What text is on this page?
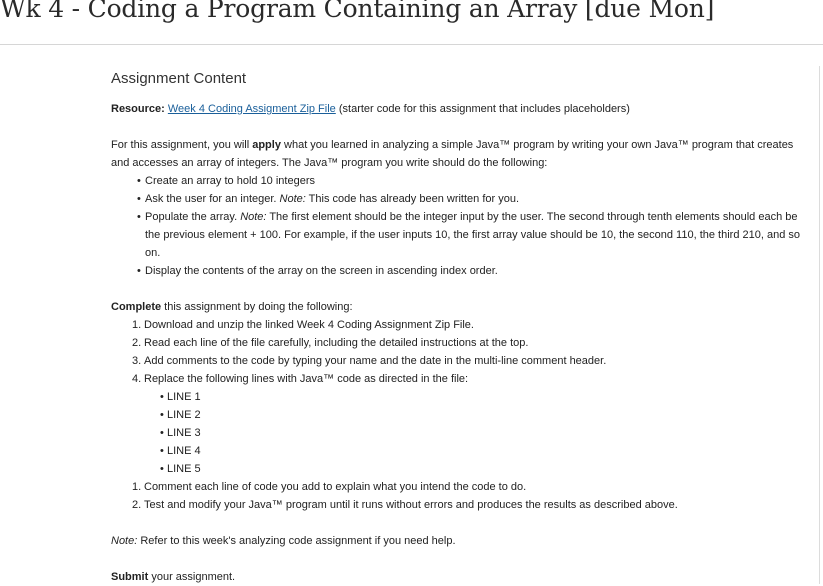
Wk 4 - Coding a Program Containing an Array [due Mon]
Assignment Content
Resource: Week 4 Coding Assigment Zip File (starter code for this assignment that includes placeholders)

For this assignment, you will apply what you learned in analyzing a simple Java™ program by writing your own Java™ program that creates and accesses an array of integers. The Java™ program you write should do the following:

• Create an array to hold 10 integers
• Ask the user for an integer. Note: This code has already been written for you.
• Populate the array. Note: The first element should be the integer input by the user. The second through tenth elements should each be the previous element + 100. For example, if the user inputs 10, the first array value should be 10, the second 110, the third 210, and so on.
• Display the contents of the array on the screen in ascending index order.

Complete this assignment by doing the following:

1. Download and unzip the linked Week 4 Coding Assignment Zip File.
2. Read each line of the file carefully, including the detailed instructions at the top.
3. Add comments to the code by typing your name and the date in the multi-line comment header.
4. Replace the following lines with Java™ code as directed in the file:
• LINE 1
• LINE 2
• LINE 3
• LINE 4
• LINE 5
1. Comment each line of code you add to explain what you intend the code to do.
2. Test and modify your Java™ program until it runs without errors and produces the results as described above.

Note: Refer to this week's analyzing code assignment if you need help.

Submit your assignment.
